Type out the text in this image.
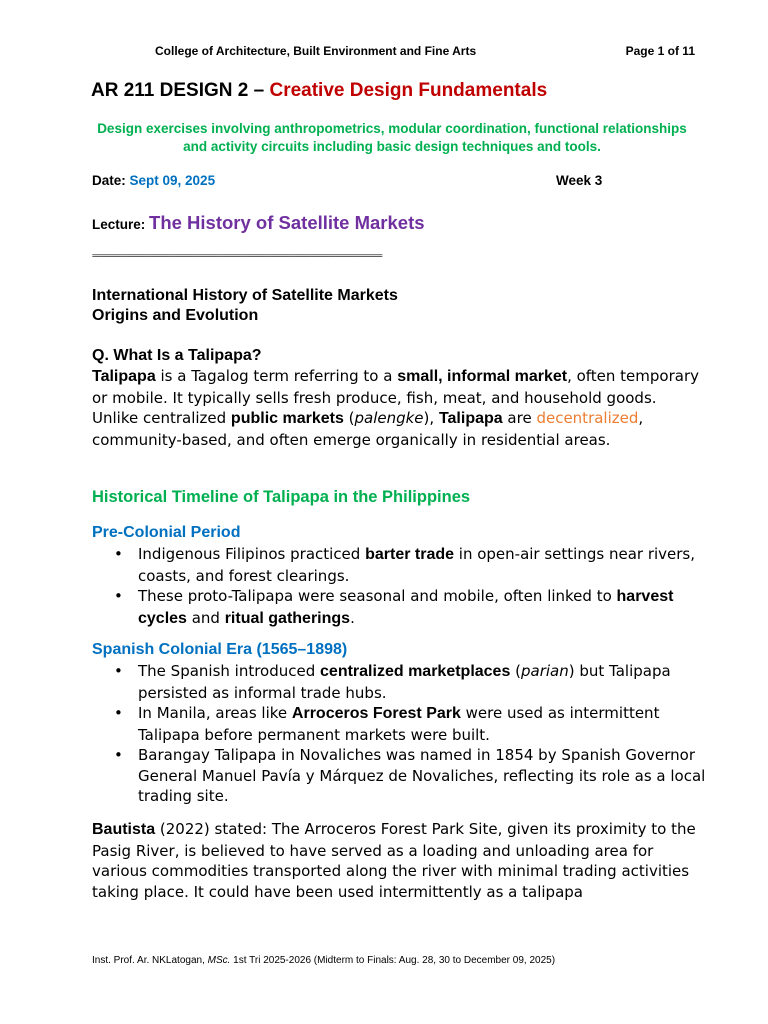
College of Architecture, Built Environment and Fine Arts	Page 1 of 11
AR 211 DESIGN 2 – Creative Design Fundamentals
Design exercises involving anthropometrics, modular coordination, functional relationships and activity circuits including basic design techniques and tools.
Date: Sept 09, 2025	Week 3
Lecture: The History of Satellite Markets
==========================================================================
International History of Satellite Markets
Origins and Evolution
Q. What Is a Talipapa?
Talipapa is a Tagalog term referring to a small, informal market, often temporary or mobile. It typically sells fresh produce, fish, meat, and household goods. Unlike centralized public markets (palengke), Talipapa are decentralized, community-based, and often emerge organically in residential areas.
Historical Timeline of Talipapa in the Philippines
Pre-Colonial Period
• Indigenous Filipinos practiced barter trade in open-air settings near rivers, coasts, and forest clearings.
• These proto-Talipapa were seasonal and mobile, often linked to harvest cycles and ritual gatherings.
Spanish Colonial Era (1565–1898)
• The Spanish introduced centralized marketplaces (parian) but Talipapa persisted as informal trade hubs.
• In Manila, areas like Arroceros Forest Park were used as intermittent Talipapa before permanent markets were built.
• Barangay Talipapa in Novaliches was named in 1854 by Spanish Governor General Manuel Pavía y Márquez de Novaliches, reflecting its role as a local trading site.
Bautista (2022) stated: The Arroceros Forest Park Site, given its proximity to the Pasig River, is believed to have served as a loading and unloading area for various commodities transported along the river with minimal trading activities taking place. It could have been used intermittently as a talipapa
Inst. Prof. Ar. NKLatogan, MSc. 1st Tri 2025-2026 (Midterm to Finals: Aug. 28, 30 to December 09, 2025)
